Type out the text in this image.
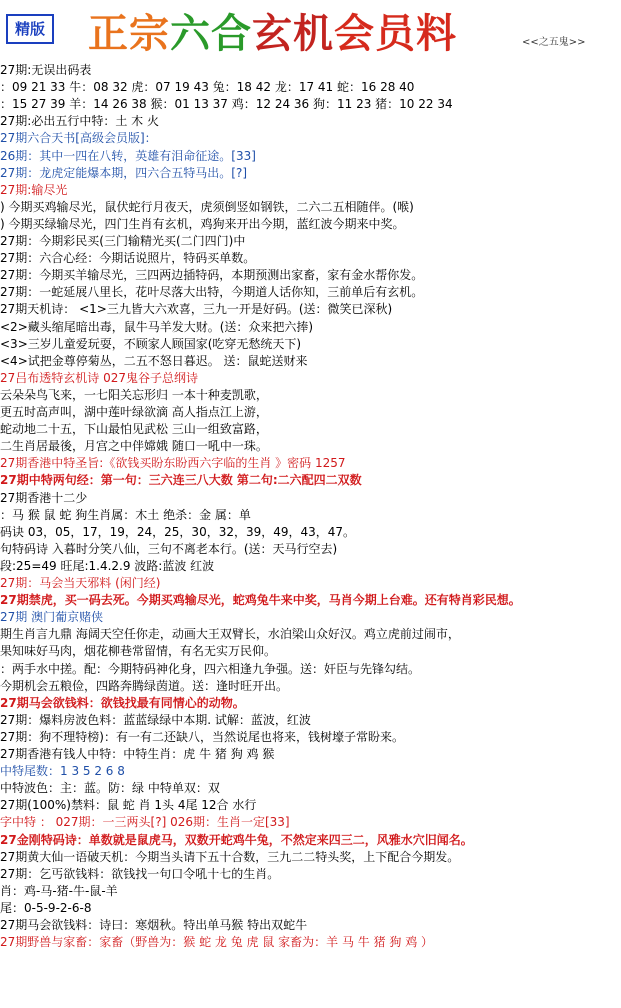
精版 正宗六合玄机会员料	<<之五鬼>>
27期:无误出码表
：09 21 33 牛：08 32 虎：07 19 43 兔：18 42 龙：17 41 蛇：16 28 40
：15 27 39 羊：14 26 38 猴：01 13 37 鸡：12 24 36 狗：11 23 猪：10 22 34
27期:必出五行中特：土 木 火
27期六合天书[高级会员版]：
26期：其中一四在八转，英雄有泪命征途。[33]
27期：龙虎定能爆本期，四六合五特马出。[?]
27期:输尽光
) 今期买鸡输尽光，鼠伏蛇行月夜天，虎须倒竖如钢铁，二六二五相随伴。(喉)
) 今期买绿输尽光，四门生肖有玄机，鸡狗来开出今期，蓝红波今期来中奖。
27期：今期彩民买(三门输精光买(二门四门)中
27期：六合心经：今期话说照片，特码买单数。
27期：今期买羊输尽光，三四两边插特码，本期预测出家畜，家有金水帮你发。
27期：一蛇延展八里长，花叶尽落大出特，今期道人话你知，三前单后有玄机。
27期天机诗： <1>三九皆大六欢喜，三九一开是好码。(送：微笑已深秋)
<2>藏头缩尾暗出毒，鼠牛马羊发大财。(送：众来把六捧)
<3>三岁儿童爱玩耍，不顾家人顾国家(吃穿无愁统天下)
<4>试把金尊停菊丛，二五不怒日暮迟。 送：鼠蛇送财来
27吕布透特玄机诗 027鬼谷子总纲诗
云朵朵鸟飞来，一七阳关忘形归 一本十种麦凯歌，
更五时高声叫，湖中莲叶绿欲滴 高人指点江上游，
蛇动地二十五，下山最怕见武松 三山一组致富路，
二生肖居最後，月宫之中伴嫦娥 随口一吼中一珠。
27期香港中特圣旨:《欲钱买盼东盼西六字临的生肖 》密码 1257
27期中特两句经：第一句：三六连三八大数 第二句:二六配四二双数
27期香港十二少
：马 猴 鼠 蛇 狗生肖属：木土 绝杀：金 属：单
码诀 03，05，17，19，24，25，30，32，39，49，43，47。
句特码诗 入暮时分笑八仙，三句不离老本行。(送：天马行空去)
段:25=49 旺尾:1.4.2.9 波路:蓝波 红波
27期：马会当天邪料 (闲门经)
27期禁虎，买一码去死。今期买鸡输尽光，蛇鸡兔牛来中奖，马肖今期上台难。还有特肖彩民想。
27期 澳门葡京赌侠
期生肖言九鼎 海阔天空任你走，动画大王双臂长，水泊梁山众好汉。鸡立虎前过闹市，
果知味好马肉，烟花柳巷常留情，有名无实万民仰。
：两手水中搓。配：今期特码神化身，四六相逢九争强。送：奸臣与先锋勾结。
今期机会五粮俭，四路奔腾绿茵道。送：逢时旺开出。
27期马会欲钱料：欲钱找最有同情心的动物。
27期：爆料房波色料：蓝蓝绿绿中本期. 试解：蓝波，红波
27期：狗不理特榜)：有一有二还缺八，当然说尾也将来，钱树壕子常盼来。
27期香港有钱人中特：中特生肖：虎 牛 猪 狗 鸡 猴
中特尾数：1 3 5 2 6 8
中特波色：主：蓝。防：绿 中特单双：双
27期(100%)禁料：鼠 蛇 肖 1头 4尾 12合 水行
字中特 ： 027期：一三两头[?] 026期：生肖一定[33]
27金刚特码诗：单数就是鼠虎马，双数开蛇鸡牛兔，不然定来四三二，风雅水穴旧闻名。
27期黄大仙一语破天机：今期当头请下五十合数，三九二二特头奖，上下配合今期发。
27期：乞丐欲钱料：欲钱找一句口令吼十七的生肖。
肖：鸡-马-猪-牛-鼠-羊
尾：0-5-9-2-6-8
27期马会欲钱料：诗曰：寒烟秋。特出单马猴 特出双蛇牛
27期野兽与家畜：家畜（野兽为：猴 蛇 龙 兔 虎 鼠 家畜为：羊 马 牛 猪 狗 鸡 ）
